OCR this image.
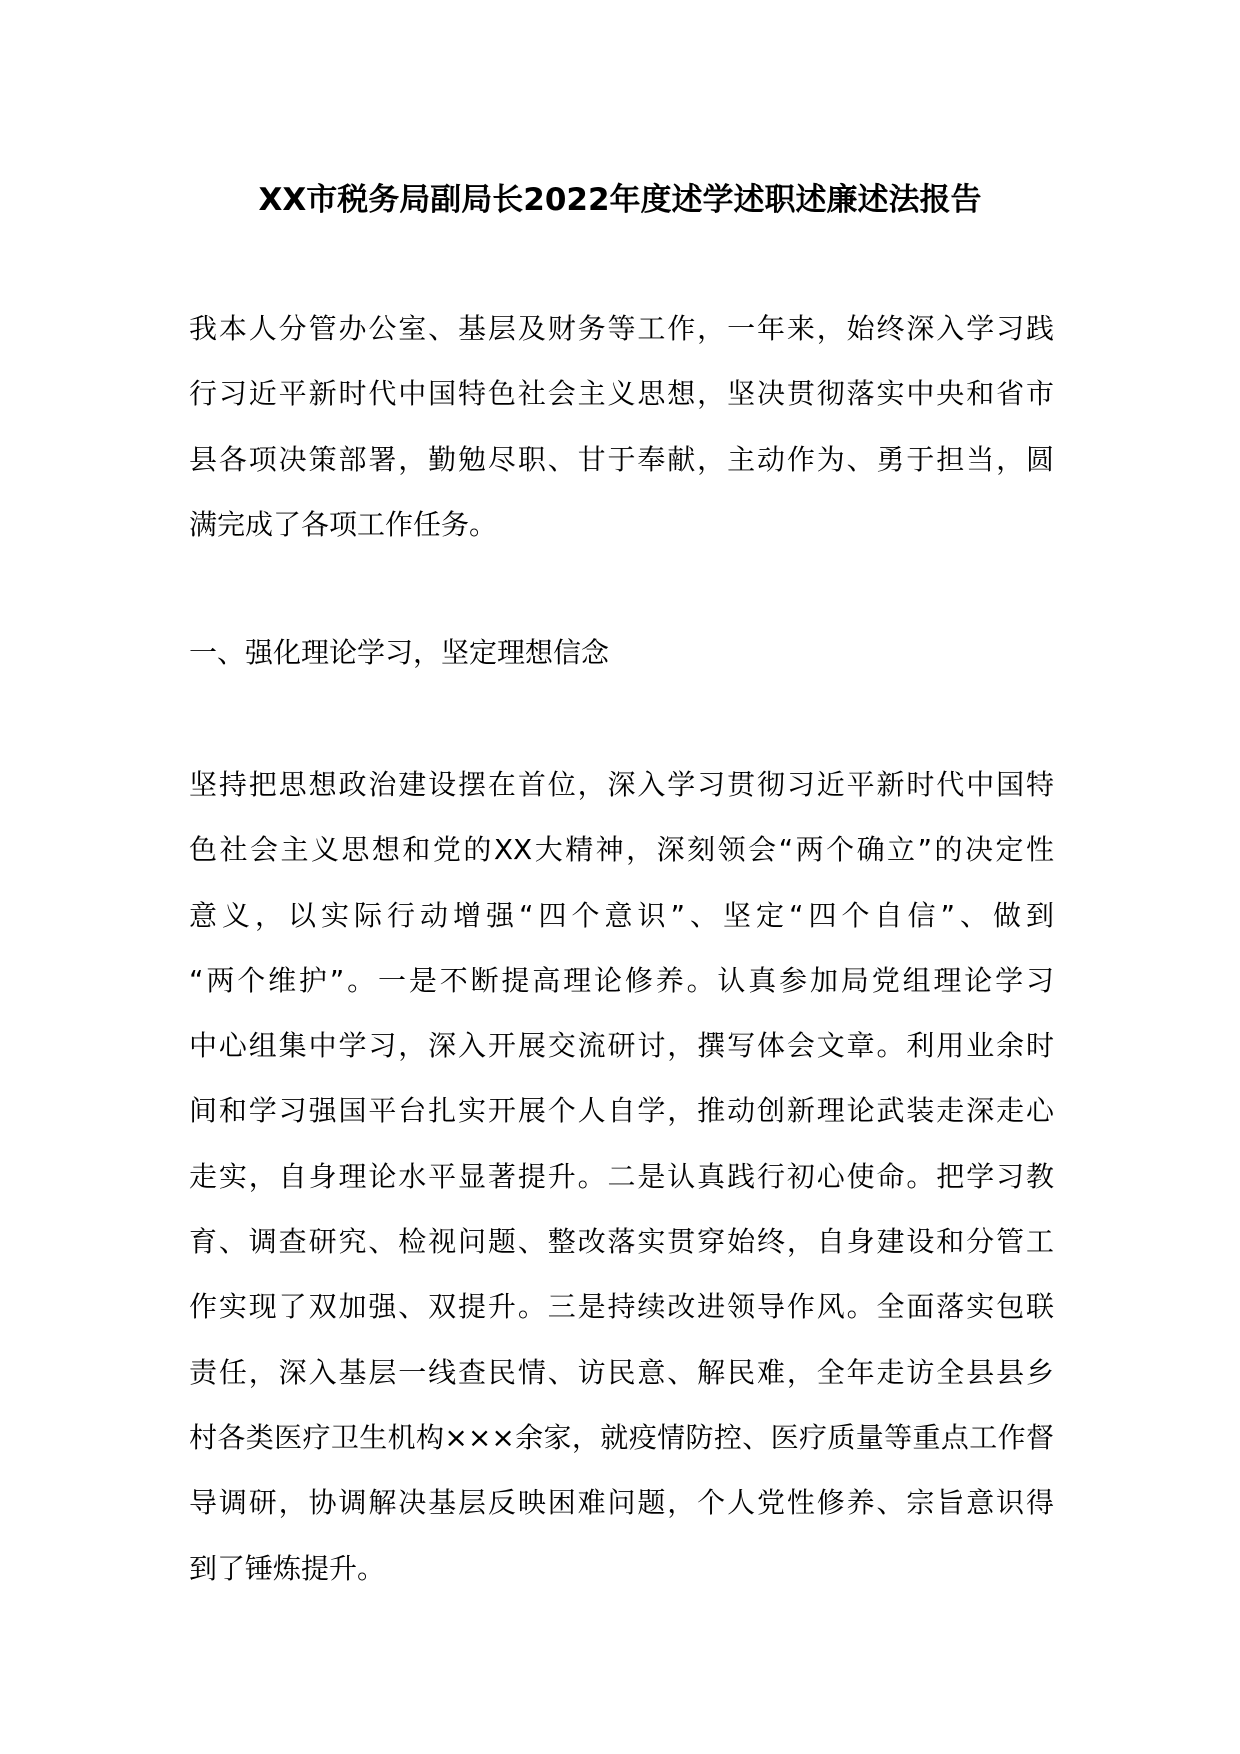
XX市税务局副局长2022年度述学述职述廉述法报告
我本人分管办公室、基层及财务等工作，一年来，始终深入学习践
行习近平新时代中国特色社会主义思想，坚决贯彻落实中央和省市
县各项决策部署，勤勉尽职、甘于奉献，主动作为、勇于担当，圆
满完成了各项工作任务。
一、强化理论学习，坚定理想信念
坚持把思想政治建设摆在首位，深入学习贯彻习近平新时代中国特
色社会主义思想和党的XX大精神，深刻领会“两个确立”的决定性
意义，以实际行动增强“四个意识”、坚定“四个自信”、做到
“两个维护”。一是不断提高理论修养。认真参加局党组理论学习
中心组集中学习，深入开展交流研讨，撰写体会文章。利用业余时
间和学习强国平台扎实开展个人自学，推动创新理论武装走深走心
走实，自身理论水平显著提升。二是认真践行初心使命。把学习教
育、调查研究、检视问题、整改落实贯穿始终，自身建设和分管工
作实现了双加强、双提升。三是持续改进领导作风。全面落实包联
责任，深入基层一线查民情、访民意、解民难，全年走访全县县乡
村各类医疗卫生机构×××余家，就疫情防控、医疗质量等重点工作督
导调研，协调解决基层反映困难问题，个人党性修养、宗旨意识得
到了锤炼提升。
